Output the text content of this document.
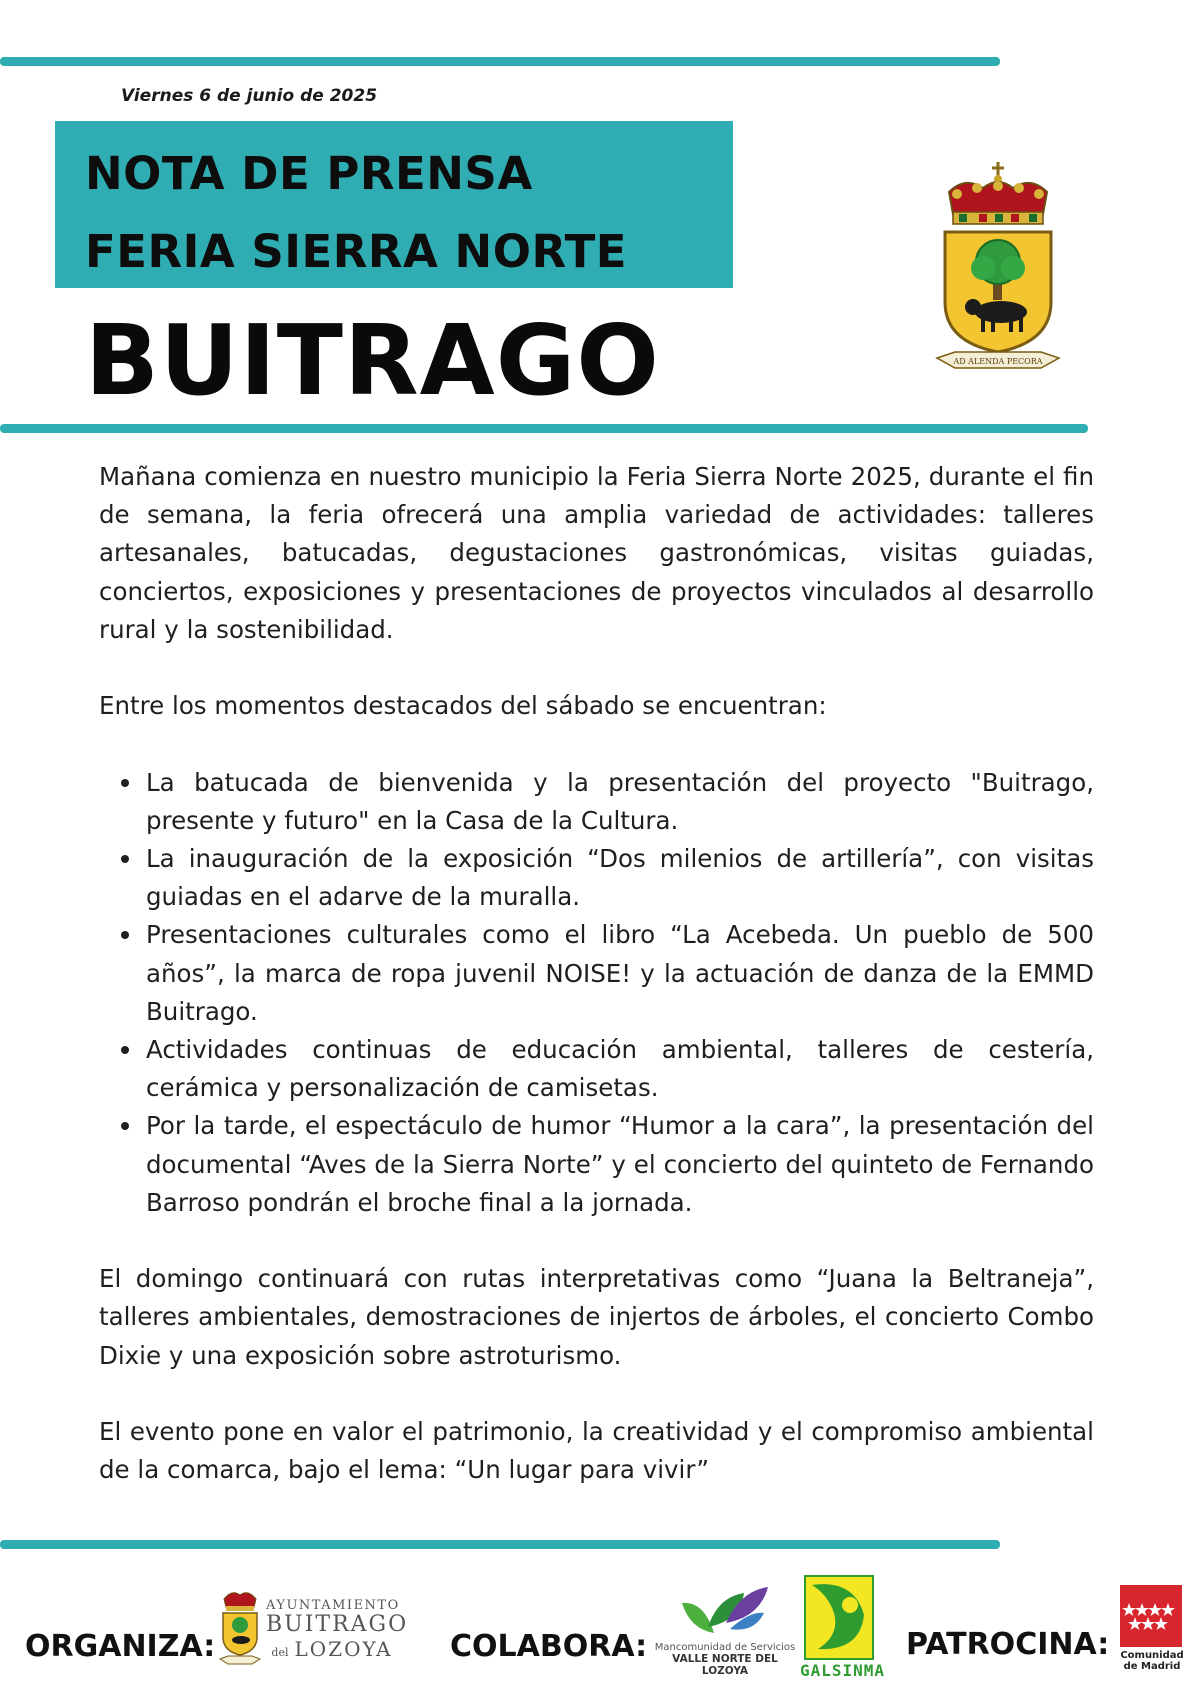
Viernes 6 de junio de 2025
NOTA DE PRENSA
FERIA SIERRA NORTE
BUITRAGO	AD ALENDA PECORA

Mañana comienza en nuestro municipio la Feria Sierra Norte 2025, durante el fin de semana, la feria ofrecerá una amplia variedad de actividades: talleres artesanales, batucadas, degustaciones gastronómicas, visitas guiadas, conciertos, exposiciones y presentaciones de proyectos vinculados al desarrollo rural y la sostenibilidad.

Entre los momentos destacados del sábado se encuentran:

La batucada de bienvenida y la presentación del proyecto "Buitrago, presente y futuro" en la Casa de la Cultura.
La inauguración de la exposición “Dos milenios de artillería”, con visitas guiadas en el adarve de la muralla.
Presentaciones culturales como el libro “La Acebeda. Un pueblo de 500 años”, la marca de ropa juvenil NOISE! y la actuación de danza de la EMMD Buitrago.
Actividades continuas de educación ambiental, talleres de cestería, cerámica y personalización de camisetas.
Por la tarde, el espectáculo de humor “Humor a la cara”, la presentación del documental “Aves de la Sierra Norte” y el concierto del quinteto de Fernando Barroso pondrán el broche final a la jornada.

El domingo continuará con rutas interpretativas como “Juana la Beltraneja”, talleres ambientales, demostraciones de injertos de árboles, el concierto Combo Dixie y una exposición sobre astroturismo.

El evento pone en valor el patrimonio, la creatividad y el compromiso ambiental de la comarca, bajo el lema: “Un lugar para vivir”

ORGANIZA:
AYUNTAMIENTO
BUITRAGO
del LOZOYA COLABORA: Mancomunidad de Servicios
VALLE NORTE DEL LOZOYA	GALSINMA
PATROCINA:	Comunidad
de Madrid
